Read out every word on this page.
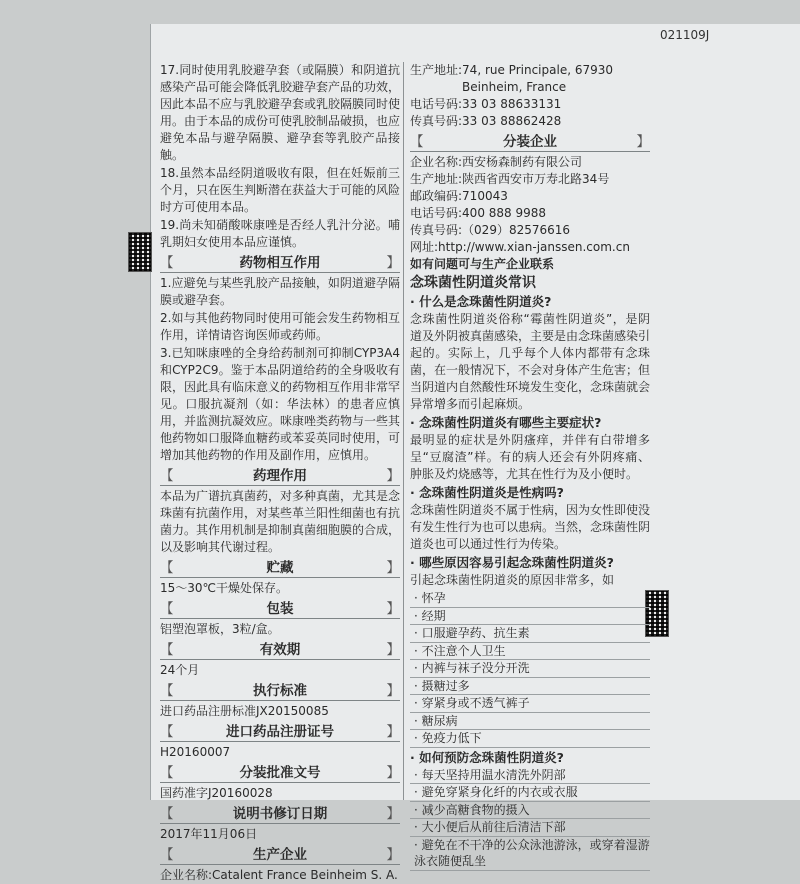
021109J

17.同时使用乳胶避孕套（或隔膜）和阴道抗感染产品可能会降低乳胶避孕套产品的功效，因此本品不应与乳胶避孕套或乳胶隔膜同时使用。由于本品的成份可使乳胶制品破损，也应避免本品与避孕隔膜、避孕套等乳胶产品接触。

18.虽然本品经阴道吸收有限，但在妊娠前三个月，只在医生判断潜在获益大于可能的风险时方可使用本品。

19.尚未知硝酸咪康唑是否经人乳汁分泌。哺乳期妇女使用本品应谨慎。

【	药物相互作用	】

1.应避免与某些乳胶产品接触，如阴道避孕隔膜或避孕套。

2.如与其他药物同时使用可能会发生药物相互作用，详情请咨询医师或药师。

3.已知咪康唑的全身给药制剂可抑制CYP3A4和CYP2C9。鉴于本品阴道给药的全身吸收有限，因此具有临床意义的药物相互作用非常罕见。口服抗凝剂（如：华法林）的患者应慎用，并监测抗凝效应。咪康唑类药物与一些其他药物如口服降血糖药或苯妥英同时使用，可增加其他药物的作用及副作用，应慎用。

【	药理作用	】

本品为广谱抗真菌药，对多种真菌，尤其是念珠菌有抗菌作用，对某些革兰阳性细菌也有抗菌力。其作用机制是抑制真菌细胞膜的合成，以及影响其代谢过程。

【	贮藏	】

15～30℃干燥处保存。

【	包装	】

铝塑泡罩板，3粒/盒。

【	有效期	】

24个月

【	执行标准	】

进口药品注册标准JX20150085

【	进口药品注册证号	】

H20160007

【	分装批准文号	】

国药准字J20160028

【	说明书修订日期	】

2017年11月06日

【	生产企业	】
企业名称: Catalent France Beinheim S. A.
生产地址: 74, rue Principale, 67930
Beinheim, France
电话号码: 33 03 88633131
传真号码: 33 03 88862428
【	分装企业	】
企业名称: 西安杨森制药有限公司
生产地址: 陕西省西安市万寿北路34号
邮政编码: 710043
电话号码: 400 888 9988
传真号码: （029）82576616
网址: http://www.xian-janssen.com.cn

如有问题可与生产企业联系

念珠菌性阴道炎常识
· 什么是念珠菌性阴道炎?

念珠菌性阴道炎俗称“霉菌性阴道炎”，是阴道及外阴被真菌感染，主要是由念珠菌感染引起的。实际上，几乎每个人体内都带有念珠菌，在一般情况下，不会对身体产生危害；但当阴道内自然酸性环境发生变化，念珠菌就会异常增多而引起麻烦。

· 念珠菌性阴道炎有哪些主要症状?

最明显的症状是外阴瘙痒，并伴有白带增多呈“豆腐渣”样。有的病人还会有外阴疼痛、肿胀及灼烧感等，尤其在性行为及小便时。

· 念珠菌性阴道炎是性病吗?

念珠菌性阴道炎不属于性病，因为女性即使没有发生性行为也可以患病。当然，念珠菌性阴道炎也可以通过性行为传染。

· 哪些原因容易引起念珠菌性阴道炎?

引起念珠菌性阴道炎的原因非常多，如

· 怀孕
· 经期
· 口服避孕药、抗生素
· 不注意个人卫生
· 内裤与袜子没分开洗
· 摄糖过多
· 穿紧身或不透气裤子
· 糖尿病
· 免疫力低下
· 如何预防念珠菌性阴道炎?
· 每天坚持用温水清洗外阴部
· 避免穿紧身化纤的内衣或衣服
· 减少高糖食物的摄入
· 大小便后从前往后清洁下部
· 避免在不干净的公众泳池游泳，或穿着湿游泳衣随便乱坐
